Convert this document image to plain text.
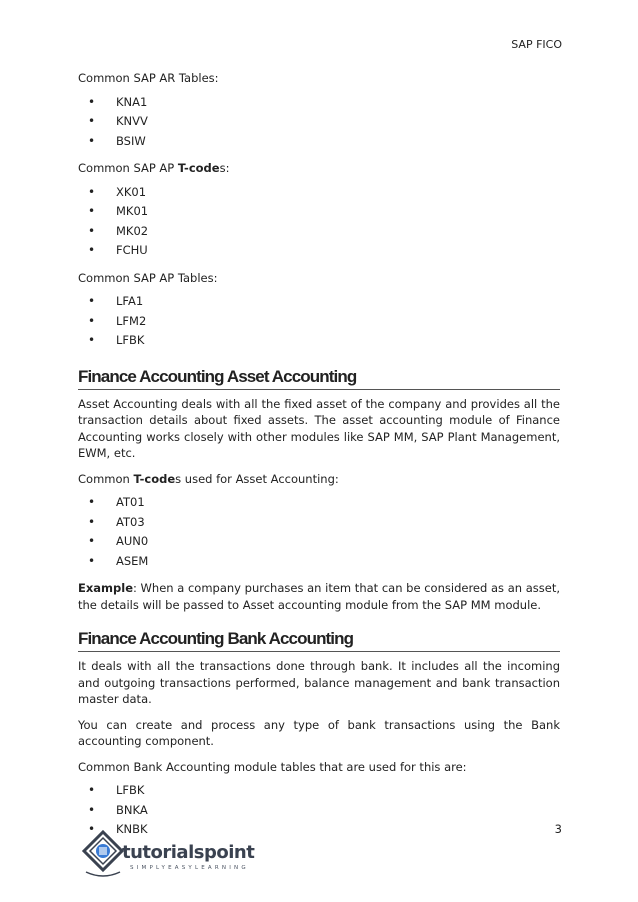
SAP FICO

Common SAP AR Tables:

• KNA1
• KNVV
• BSIW

Common SAP AP T-codes:

• XK01
• MK01
• MK02
• FCHU

Common SAP AP Tables:

• LFA1
• LFM2
• LFBK
Finance Accounting Asset Accounting

Asset Accounting deals with all the fixed asset of the company and provides all the transaction details about fixed assets. The asset accounting module of Finance Accounting works closely with other modules like SAP MM, SAP Plant Management, EWM, etc.

Common T-codes used for Asset Accounting:

• AT01
• AT03
• AUN0
• ASEM

Example: When a company purchases an item that can be considered as an asset, the details will be passed to Asset accounting module from the SAP MM module.

Finance Accounting Bank Accounting

It deals with all the transactions done through bank. It includes all the incoming and outgoing transactions performed, balance management and bank transaction master data.

You can create and process any type of bank transactions using the Bank accounting component.

Common Bank Accounting module tables that are used for this are:

• LFBK
• BNKA
• KNBK	3
tutorialspoint
SIMPLYEASYLEARNING
